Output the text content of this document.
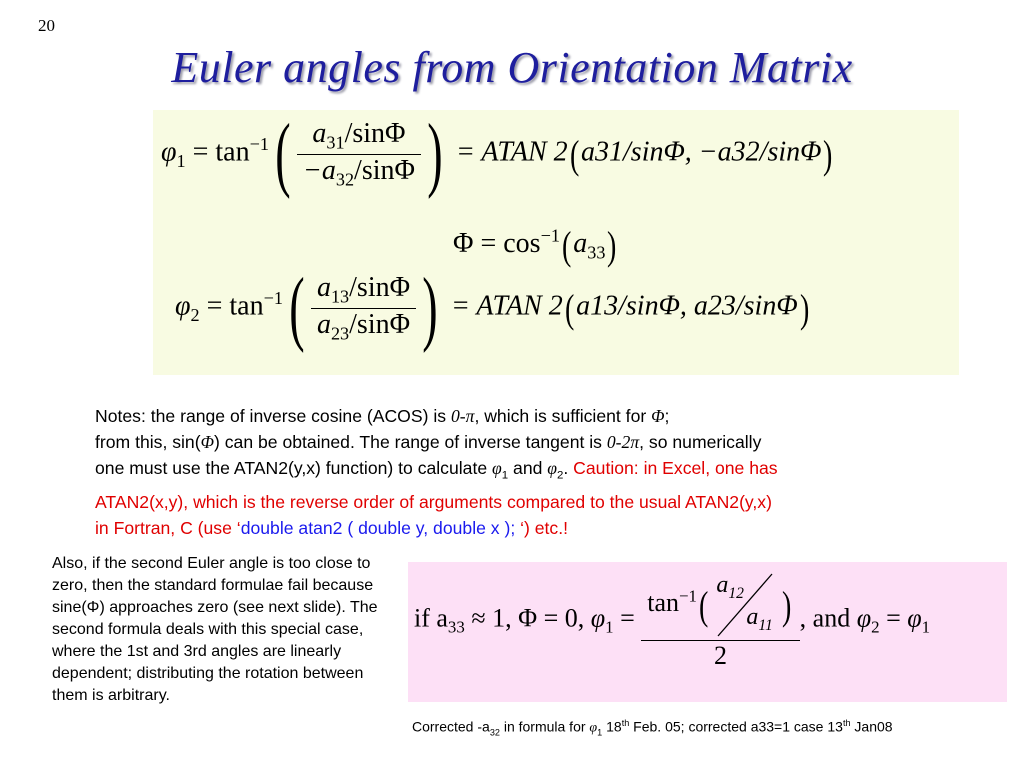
20
Euler angles from Orientation Matrix
$\varphi_1 = \tan^{-1}( \frac{a_{31}/\sin\Phi}{-a_{32}/\sin\Phi}$ ) = ATAN 2(a31/sinΦ, −a32/sinΦ)
$\Phi = \cos^{-1}(a_{33})$
$\varphi_2 = \tan^{-1}( \frac{a_{13}/\sin\Phi}{a_{23}/\sin\Phi}$ ) = ATAN 2(a13/sinΦ, a23/sinΦ)
Notes: the range of inverse cosine (ACOS) is 0-π, which is sufficient for Φ;
from this, sin(Φ) can be obtained. The range of inverse tangent is 0-2π, so numerically
one must use the ATAN2(y,x) function) to calculate $\varphi_1$ and $\varphi_2$. Caution: in Excel, one has
ATAN2(x,y), which is the reverse order of arguments compared to the usual ATAN2(y,x)
in Fortran, C (use ‘double atan2 ( double y, double x ); ‘) etc.!
Also, if the second Euler angle is too close to zero, then the standard formulae fail because sine(Φ) approaches zero (see next slide). The second formula deals with this special case, where the 1st and 3rd angles are linearly dependent; distributing the rotation between them is arbitrary.
if $a_{33} \approx 1$, Φ = 0, $\varphi_1 = \tan^{-1}$( $a_{12}$
$a_{11}$ )
2 , and $\varphi_2 = \varphi_1$
Corrected $-a_{32}$ in formula for $\varphi_1$ 18th Feb. 05; corrected a33=1 case 13th Jan08
